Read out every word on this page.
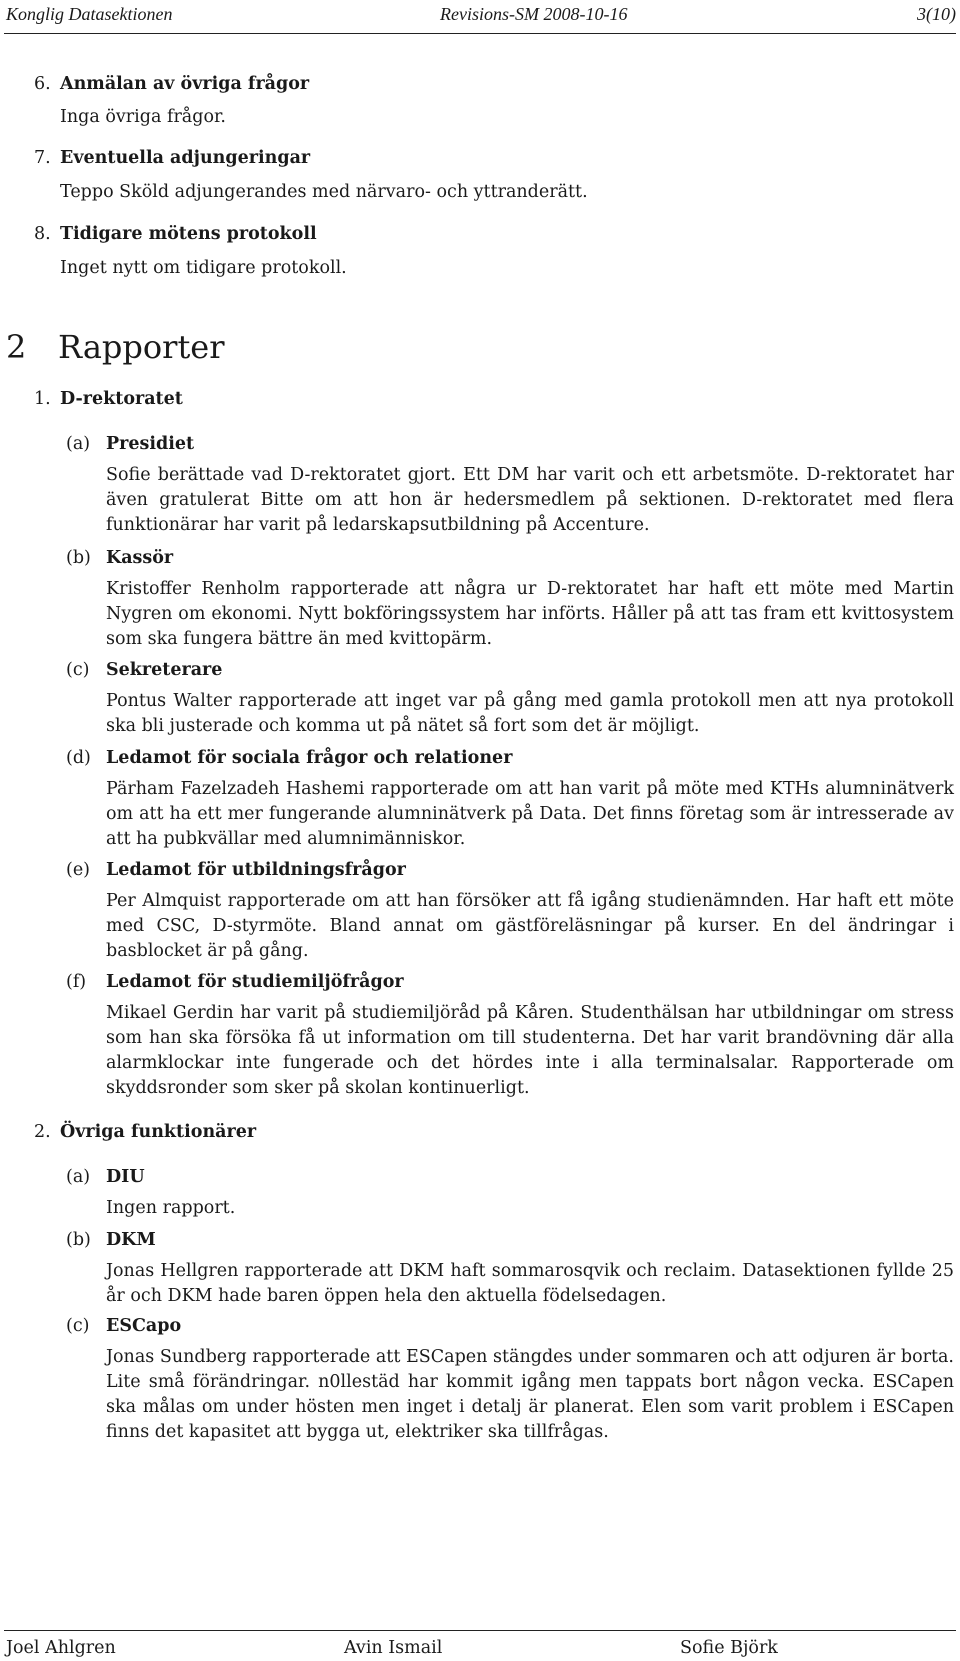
Konglig Datasektionen	Revisions-SM 2008-10-16	3(10)
6. Anmälan av övriga frågor
Inga övriga frågor.
7. Eventuella adjungeringar
Teppo Sköld adjungerandes med närvaro- och yttranderätt.
8. Tidigare mötens protokoll
Inget nytt om tidigare protokoll.
2 Rapporter
1. D-rektoratet
(a) Presidiet
Sofie berättade vad D-rektoratet gjort. Ett DM har varit och ett arbetsmöte. D-rektoratet har även gratulerat Bitte om att hon är hedersmedlem på sektionen. D-rektoratet med flera funktionärar har varit på ledarskapsutbildning på Accenture.
(b) Kassör
Kristoffer Renholm rapporterade att några ur D-rektoratet har haft ett möte med Martin Nygren om ekonomi. Nytt bokföringssystem har införts. Håller på att tas fram ett kvittosystem som ska fungera bättre än med kvittopärm.
(c) Sekreterare
Pontus Walter rapporterade att inget var på gång med gamla protokoll men att nya protokoll ska bli justerade och komma ut på nätet så fort som det är möjligt.
(d) Ledamot för sociala frågor och relationer
Pärham Fazelzadeh Hashemi rapporterade om att han varit på möte med KTHs alumninätverk om att ha ett mer fungerande alumninätverk på Data. Det finns företag som är intresserade av att ha pubkvällar med alumnimänniskor.
(e) Ledamot för utbildningsfrågor
Per Almquist rapporterade om att han försöker att få igång studienämnden. Har haft ett möte med CSC, D-styrmöte. Bland annat om gästföreläsningar på kurser. En del ändringar i basblocket är på gång.
(f) Ledamot för studiemiljöfrågor
Mikael Gerdin har varit på studiemiljöråd på Kåren. Studenthälsan har utbildningar om stress som han ska försöka få ut information om till studenterna. Det har varit brandövning där alla alarmklockar inte fungerade och det hördes inte i alla terminalsalar. Rapporterade om skyddsronder som sker på skolan kontinuerligt.
2. Övriga funktionärer
(a) DIU
Ingen rapport.
(b) DKM
Jonas Hellgren rapporterade att DKM haft sommarosqvik och reclaim. Datasektionen fyllde 25 år och DKM hade baren öppen hela den aktuella födelsedagen.
(c) ESCapo
Jonas Sundberg rapporterade att ESCapen stängdes under sommaren och att odjuren är borta. Lite små förändringar. n0llestäd har kommit igång men tappats bort någon vecka. ESCapen ska målas om under hösten men inget i detalj är planerat. Elen som varit problem i ESCapen finns det kapasitet att bygga ut, elektriker ska tillfrågas.
Joel Ahlgren	Avin Ismail	Sofie Björk
